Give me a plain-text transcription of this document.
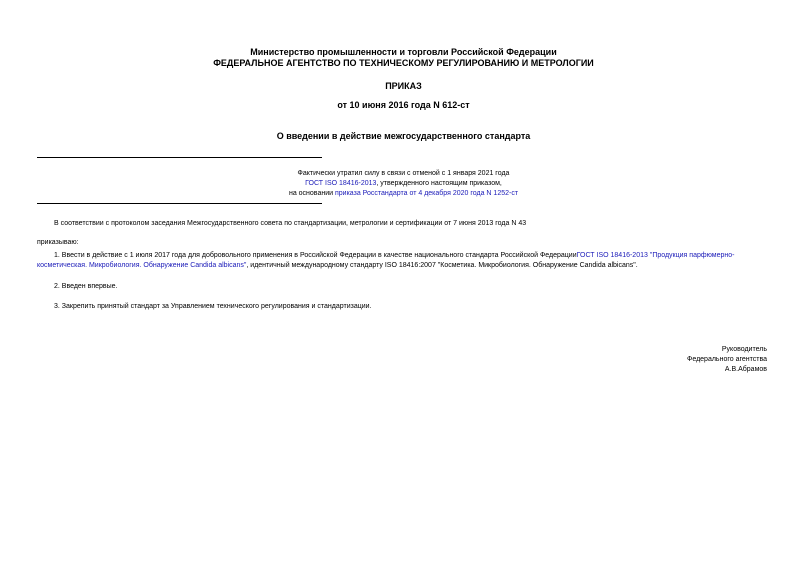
Министерство промышленности и торговли Российской Федерации
ФЕДЕРАЛЬНОЕ АГЕНТСТВО ПО ТЕХНИЧЕСКОМУ РЕГУЛИРОВАНИЮ И МЕТРОЛОГИИ
ПРИКАЗ
от 10 июня 2016 года N 612-ст
О введении в действие межгосударственного стандарта
Фактически утратил силу в связи с отменой с 1 января 2021 года
ГОСТ ISO 18416-2013, утвержденного настоящим приказом,
на основании приказа Росстандарта от 4 декабря 2020 года N 1252-ст
В соответствии с протоколом заседания Межгосударственного совета по стандартизации, метрологии и сертификации от 7 июня 2013 года N 43
приказываю:
1. Ввести в действие с 1 июля 2017 года для добровольного применения в Российской Федерации в качестве национального стандарта Российской ФедерацииГОСТ ISO 18416-2013 "Продукция парфюмерно-
косметическая. Микробиология. Обнаружение Candida albicans", идентичный международному стандарту ISO 18416:2007 "Косметика. Микробиология. Обнаружение Candida albicans".
2. Введен впервые.
3. Закрепить принятый стандарт за Управлением технического регулирования и стандартизации.
Руководитель
Федерального агентства
А.В.Абрамов
